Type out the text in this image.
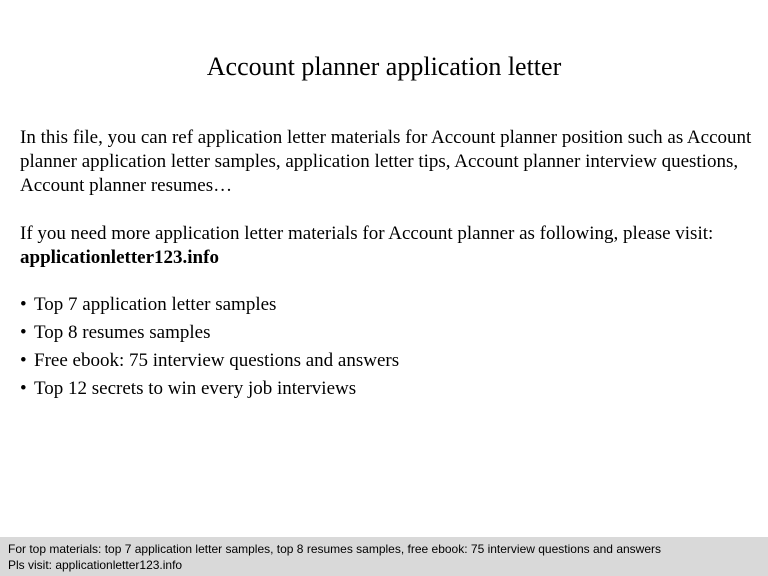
Account planner application letter
In this file, you can ref application letter materials for Account planner position such as Account planner application letter samples, application letter tips, Account planner interview questions, Account planner resumes…
If you need more application letter materials for Account planner as following, please visit: applicationletter123.info
• Top 7 application letter samples
• Top 8 resumes samples
• Free ebook: 75 interview questions and answers
• Top 12 secrets to win every job interviews
For top materials: top 7 application letter samples, top 8 resumes samples, free ebook: 75 interview questions and answers
Pls visit: applicationletter123.info
